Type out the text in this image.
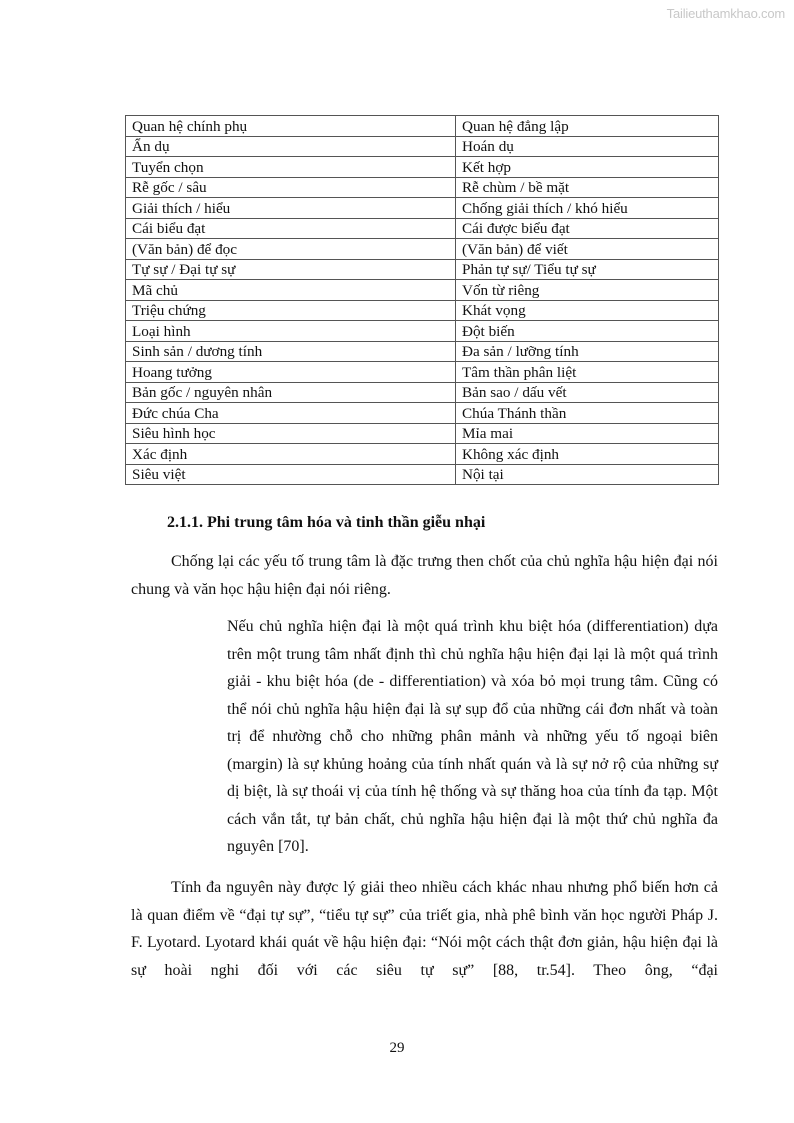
Tailieuthamkhao.com
Quan hệ chính phụ	Quan hệ đẳng lập
Ẩn dụ	Hoán dụ
Tuyển chọn	Kết hợp
Rễ gốc / sâu	Rễ chùm / bề mặt
Giải thích / hiểu	Chống giải thích / khó hiểu
Cái biểu đạt	Cái được biểu đạt
(Văn bản) để đọc	(Văn bản) để viết
Tự sự / Đại tự sự	Phản tự sự/ Tiểu tự sự
Mã chủ	Vốn từ riêng
Triệu chứng	Khát vọng
Loại hình	Đột biến
Sinh sản / dương tính	Đa sản / lưỡng tính
Hoang tưởng	Tâm thần phân liệt
Bản gốc / nguyên nhân	Bản sao / dấu vết
Đức chúa Cha	Chúa Thánh thần
Siêu hình học	Mỉa mai
Xác định	Không xác định
Siêu việt	Nội tại
2.1.1. Phi trung tâm hóa và tinh thần giễu nhại

Chống lại các yếu tố trung tâm là đặc trưng then chốt của chủ nghĩa hậu hiện đại nói chung và văn học hậu hiện đại nói riêng.

Nếu chủ nghĩa hiện đại là một quá trình khu biệt hóa (differentiation) dựa trên một trung tâm nhất định thì chủ nghĩa hậu hiện đại lại là một quá trình giải - khu biệt hóa (de - differentiation) và xóa bỏ mọi trung tâm. Cũng có thể nói chủ nghĩa hậu hiện đại là sự sụp đổ của những cái đơn nhất và toàn trị để nhường chỗ cho những phân mảnh và những yếu tố ngoại biên (margin) là sự khủng hoảng của tính nhất quán và là sự nở rộ của những sự dị biệt, là sự thoái vị của tính hệ thống và sự thăng hoa của tính đa tạp. Một cách vắn tắt, tự bản chất, chủ nghĩa hậu hiện đại là một thứ chủ nghĩa đa nguyên [70].

Tính đa nguyên này được lý giải theo nhiều cách khác nhau nhưng phổ biến hơn cả là quan điểm về “đại tự sự”, “tiểu tự sự” của triết gia, nhà phê bình văn học người Pháp J. F. Lyotard. Lyotard khái quát về hậu hiện đại: “Nói một cách thật đơn giản, hậu hiện đại là sự hoài nghi đối với các siêu tự sự” [88, tr.54]. Theo ông, “đại

29
